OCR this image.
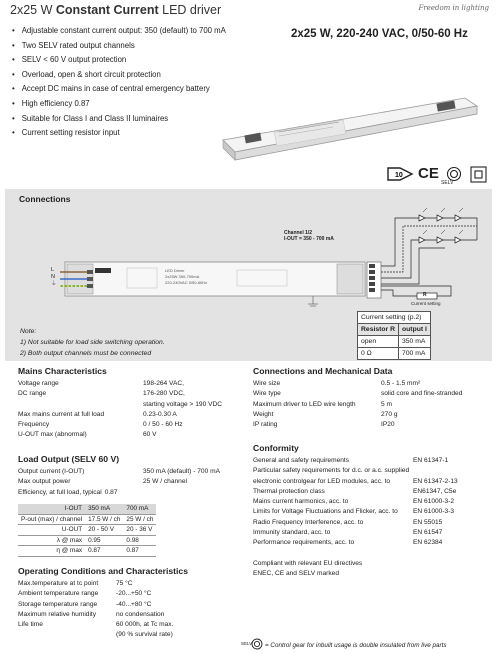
2x25 W Constant Current LED driver	Freedom in lighting
2x25 W, 220-240 VAC, 0/50-60 Hz
• Adjustable constant current output: 350 (default) to 700 mA
• Two SELV rated output channels
• SELV < 60 V output protection
• Overload, open & short circuit protection
• Accept DC mains in case of central emergency battery
• High efficiency 0.87
• Suitable for Class I and Class II luminaires
• Current setting resistor input
10 CE
SELV
Connections
LED Driver
2x25W 350-700mA
220-240VAC 0/50-60Hz
Channel 1/2
I-OUT = 350 - 700 mA
L
N
⏚
R
Current setting
Note:
1) Not suitable for load side switching operation.
2) Both output channels must be connected
Current setting (p.2)	
Resistor R	output I
open	350 mA
0 Ω	700 mA
Mains Characteristics
Voltage range	198-264 VAC,
DC range	176-280 VDC,
starting voltage > 190 VDC
Max mains current at full load	0.23-0.30 A
Frequency	0 / 50 - 60 Hz
U-OUT max (abnormal)	60 V
Load Output (SELV 60 V)
Output current (I-OUT)	350 mA (default) - 700 mA
Max output power	25 W / channel
Efficiency, at full load, typical 0.87
I-OUT	350 mA	700 mA
P-out (max) / channel	17.5 W / ch	25 W / ch
U-OUT	20 - 50 V	20 - 36 V
λ @ max	0.95	0.98
η @ max	0.87	0.87
Operating Conditions and Characteristics
Max.temperature at tc point	75 °C
Ambient temperature range	-20...+50 °C
Storage temperature range	-40...+80 °C
Maximum relative humidity	no condensation
Life time	60 000h, at Tc max.
(90 % survival rate)
Connections and Mechanical Data
Wire size	0.5 - 1.5 mm²
Wire type	solid core and fine-stranded
Maximum driver to LED wire length	5 m
Weight	270 g
IP rating	IP20
Conformity
General and safety requirements	EN 61347-1
Particular safety requirements for d.c. or a.c. supplied
electronic controlgear for LED modules, acc. to	EN 61347-2-13
Thermal protection class	EN61347, C5e
Mains current harmonics, acc. to	EN 61000-3-2
Limits for Voltage Fluctuations and Flicker, acc. to	EN 61000-3-3
Radio Frequency Interference, acc. to	EN 55015
Immunity standard, acc. to	EN 61547
Performance requirements, acc. to	EN 62384
Compliant with relevant EU directives
ENEC, CE and SELV marked
SELV = Control gear for inbuilt usage is double insulated from live parts
